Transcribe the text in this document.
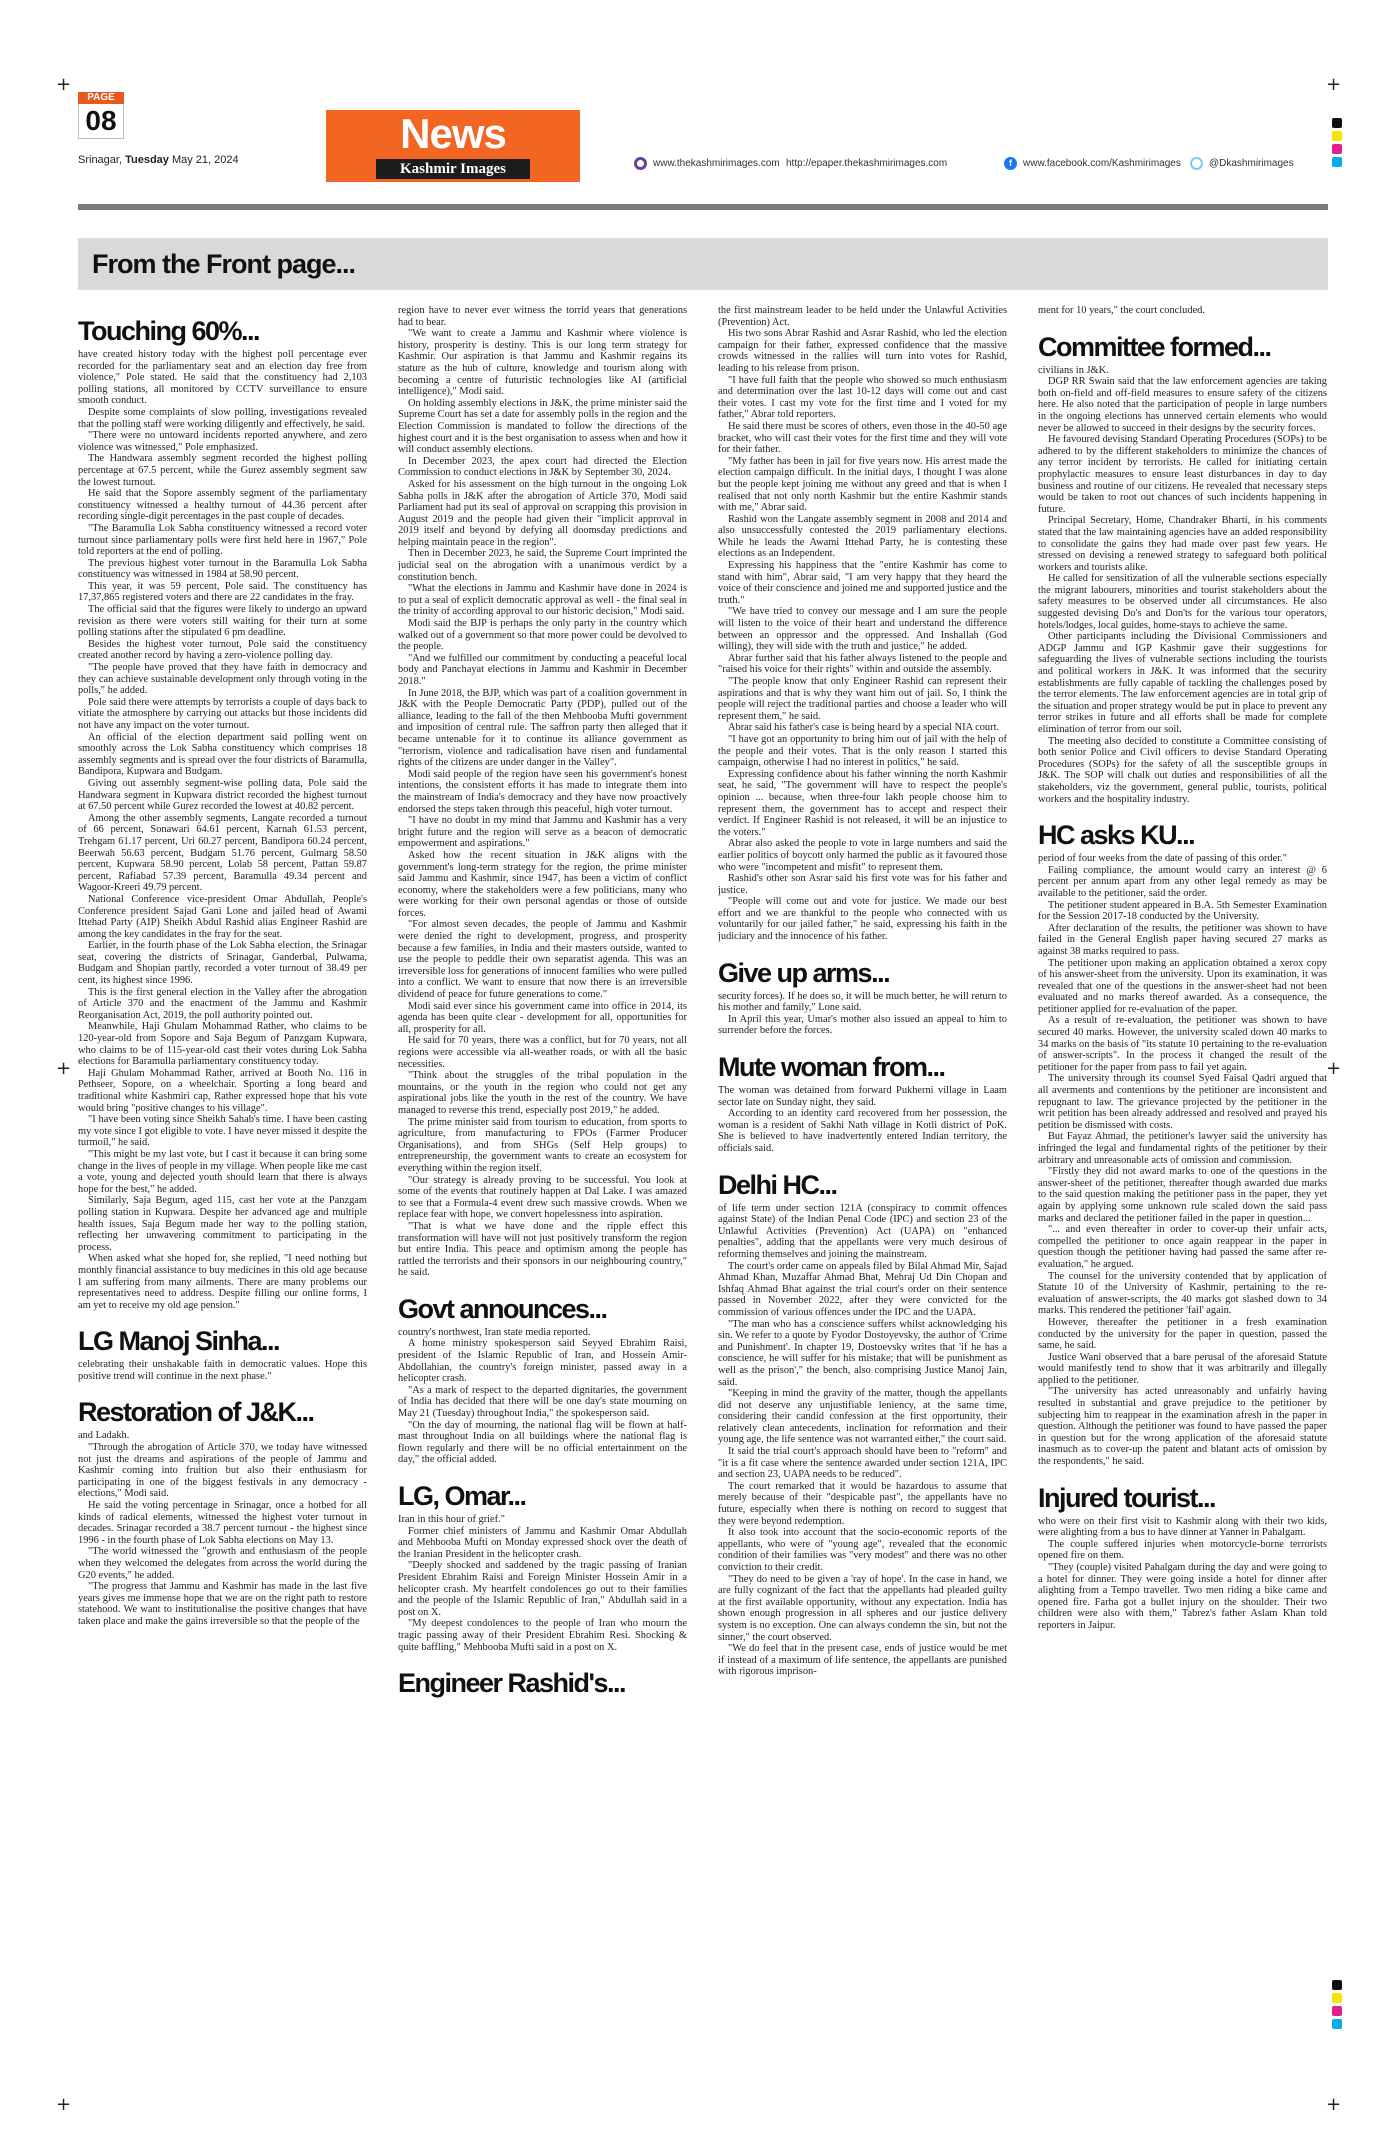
+	+
+	+
+	+
PAGE
08
Srinagar, Tuesday May 21, 2024
News
Kashmir Images	www.thekashmirimages.com http://epaper.thekashmirimages.com	f www.facebook.com/Kashmirimages	@Dkashmirimages
From the Front page...
Touching 60%...

have created history today with the highest poll percentage ever recorded for the parliamentary seat and an election day free from violence," Pole stated. He said that the constituency had 2,103 polling stations, all monitored by CCTV surveillance to ensure smooth conduct.

Despite some complaints of slow polling, investigations revealed that the polling staff were working diligently and effectively, he said.

"There were no untoward incidents reported anywhere, and zero violence was witnessed," Pole emphasized.

The Handwara assembly segment recorded the highest polling percentage at 67.5 percent, while the Gurez assembly segment saw the lowest turnout.

He said that the Sopore assembly segment of the parliamentary constituency witnessed a healthy turnout of 44.36 percent after recording single-digit percentages in the past couple of decades.

"The Baramulla Lok Sabha constituency witnessed a record voter turnout since parliamentary polls were first held here in 1967," Pole told reporters at the end of polling.

The previous highest voter turnout in the Baramulla Lok Sabha constituency was witnessed in 1984 at 58.90 percent.

This year, it was 59 percent, Pole said. The constituency has 17,37,865 registered voters and there are 22 candidates in the fray.

The official said that the figures were likely to undergo an upward revision as there were voters still waiting for their turn at some polling stations after the stipulated 6 pm deadline.

Besides the highest voter turnout, Pole said the constituency created another record by having a zero-violence polling day.

"The people have proved that they have faith in democracy and they can achieve sustainable development only through voting in the polls," he added.

Pole said there were attempts by terrorists a couple of days back to vitiate the atmosphere by carrying out attacks but those incidents did not have any impact on the voter turnout.

An official of the election department said polling went on smoothly across the Lok Sabha constituency which comprises 18 assembly segments and is spread over the four districts of Baramulla, Bandipora, Kupwara and Budgam.

Giving out assembly segment-wise polling data, Pole said the Handwara segment in Kupwara district recorded the highest turnout at 67.50 percent while Gurez recorded the lowest at 40.82 percent.

Among the other assembly segments, Langate recorded a turnout of 66 percent, Sonawari 64.61 percent, Karnah 61.53 percent, Trehgam 61.17 percent, Uri 60.27 percent, Bandipora 60.24 percent, Beerwah 56.63 percent, Budgam 51.76 percent, Gulmarg 58.50 percent, Kupwara 58.90 percent, Lolab 58 percent, Pattan 59.87 percent, Rafiabad 57.39 percent, Baramulla 49.34 percent and Wagoor-Kreeri 49.79 percent.

National Conference vice-president Omar Abdullah, People's Conference president Sajad Gani Lone and jailed head of Awami Ittehad Party (AIP) Sheikh Abdul Rashid alias Engineer Rashid are among the key candidates in the fray for the seat.

Earlier, in the fourth phase of the Lok Sabha election, the Srinagar seat, covering the districts of Srinagar, Ganderbal, Pulwama, Budgam and Shopian partly, recorded a voter turnout of 38.49 per cent, its highest since 1996.

This is the first general election in the Valley after the abrogation of Article 370 and the enactment of the Jammu and Kashmir Reorganisation Act, 2019, the poll authority pointed out.

Meanwhile, Haji Ghulam Mohammad Rather, who claims to be 120-year-old from Sopore and Saja Begum of Panzgam Kupwara, who claims to be of 115-year-old cast their votes during Lok Sabha elections for Baramulla parliamentary constituency today.

Haji Ghulam Mohammad Rather, arrived at Booth No. 116 in Pethseer, Sopore, on a wheelchair. Sporting a long beard and traditional white Kashmiri cap, Rather expressed hope that his vote would bring "positive changes to his village".

"I have been voting since Sheikh Sahab's time. I have been casting my vote since I got eligible to vote. I have never missed it despite the turmoil," he said.

"This might be my last vote, but I cast it because it can bring some change in the lives of people in my village. When people like me cast a vote, young and dejected youth should learn that there is always hope for the best," he added.

Similarly, Saja Begum, aged 115, cast her vote at the Panzgam polling station in Kupwara. Despite her advanced age and multiple health issues, Saja Begum made her way to the polling station, reflecting her unwavering commitment to participating in the process.

When asked what she hoped for, she replied, "I need nothing but monthly financial assistance to buy medicines in this old age because I am suffering from many ailments. There are many problems our representatives need to address. Despite filling our online forms, I am yet to receive my old age pension."

LG Manoj Sinha...

celebrating their unshakable faith in democratic values. Hope this positive trend will continue in the next phase."

Restoration of J&K...

and Ladakh.

"Through the abrogation of Article 370, we today have witnessed not just the dreams and aspirations of the people of Jammu and Kashmir coming into fruition but also their enthusiasm for participating in one of the biggest festivals in any democracy - elections," Modi said.

He said the voting percentage in Srinagar, once a hotbed for all kinds of radical elements, witnessed the highest voter turnout in decades. Srinagar recorded a 38.7 percent turnout - the highest since 1996 - in the fourth phase of Lok Sabha elections on May 13.

"The world witnessed the "growth and enthusiasm of the people when they welcomed the delegates from across the world during the G20 events," he added.

"The progress that Jammu and Kashmir has made in the last five years gives me immense hope that we are on the right path to restore statehood. We want to institutionalise the positive changes that have taken place and make the gains irreversible so that the people of the

region have to never ever witness the torrid years that generations had to bear.

"We want to create a Jammu and Kashmir where violence is history, prosperity is destiny. This is our long term strategy for Kashmir. Our aspiration is that Jammu and Kashmir regains its stature as the hub of culture, knowledge and tourism along with becoming a centre of futuristic technologies like AI (artificial intelligence)," Modi said.

On holding assembly elections in J&K, the prime minister said the Supreme Court has set a date for assembly polls in the region and the Election Commission is mandated to follow the directions of the highest court and it is the best organisation to assess when and how it will conduct assembly elections.

In December 2023, the apex court had directed the Election Commission to conduct elections in J&K by September 30, 2024.

Asked for his assessment on the high turnout in the ongoing Lok Sabha polls in J&K after the abrogation of Article 370, Modi said Parliament had put its seal of approval on scrapping this provision in August 2019 and the people had given their "implicit approval in 2019 itself and beyond by defying all doomsday predictions and helping maintain peace in the region".

Then in December 2023, he said, the Supreme Court imprinted the judicial seal on the abrogation with a unanimous verdict by a constitution bench.

"What the elections in Jammu and Kashmir have done in 2024 is to put a seal of explicit democratic approval as well - the final seal in the trinity of according approval to our historic decision," Modi said.

Modi said the BJP is perhaps the only party in the country which walked out of a government so that more power could be devolved to the people.

"And we fulfilled our commitment by conducting a peaceful local body and Panchayat elections in Jammu and Kashmir in December 2018."

In June 2018, the BJP, which was part of a coalition government in J&K with the People Democratic Party (PDP), pulled out of the alliance, leading to the fall of the then Mehbooba Mufti government and imposition of central rule. The saffron party then alleged that it became untenable for it to continue its alliance government as "terrorism, violence and radicalisation have risen and fundamental rights of the citizens are under danger in the Valley".

Modi said people of the region have seen his government's honest intentions, the consistent efforts it has made to integrate them into the mainstream of India's democracy and they have now proactively endorsed the steps taken through this peaceful, high voter turnout.

"I have no doubt in my mind that Jammu and Kashmir has a very bright future and the region will serve as a beacon of democratic empowerment and aspirations."

Asked how the recent situation in J&K aligns with the government's long-term strategy for the region, the prime minister said Jammu and Kashmir, since 1947, has been a victim of conflict economy, where the stakeholders were a few politicians, many who were working for their own personal agendas or those of outside forces.

"For almost seven decades, the people of Jammu and Kashmir were denied the right to development, progress, and prosperity because a few families, in India and their masters outside, wanted to use the people to peddle their own separatist agenda. This was an irreversible loss for generations of innocent families who were pulled into a conflict. We want to ensure that now there is an irreversible dividend of peace for future generations to come."

Modi said ever since his government came into office in 2014, its agenda has been quite clear - development for all, opportunities for all, prosperity for all.

He said for 70 years, there was a conflict, but for 70 years, not all regions were accessible via all-weather roads, or with all the basic necessities.

"Think about the struggles of the tribal population in the mountains, or the youth in the region who could not get any aspirational jobs like the youth in the rest of the country. We have managed to reverse this trend, especially post 2019," he added.

The prime minister said from tourism to education, from sports to agriculture, from manufacturing to FPOs (Farmer Producer Organisations), and from SHGs (Self Help groups) to entrepreneurship, the government wants to create an ecosystem for everything within the region itself.

"Our strategy is already proving to be successful. You look at some of the events that routinely happen at Dal Lake. I was amazed to see that a Formula-4 event drew such massive crowds. When we replace fear with hope, we convert hopelessness into aspiration.

"That is what we have done and the ripple effect this transformation will have will not just positively transform the region but entire India. This peace and optimism among the people has rattled the terrorists and their sponsors in our neighbouring country," he said.

Govt announces...

country's northwest, Iran state media reported.

A home ministry spokesperson said Seyyed Ebrahim Raisi, president of the Islamic Republic of Iran, and Hossein Amir-Abdollahian, the country's foreign minister, passed away in a helicopter crash.

"As a mark of respect to the departed dignitaries, the government of India has decided that there will be one day's state mourning on May 21 (Tuesday) throughout India," the spokesperson said.

"On the day of mourning, the national flag will be flown at half-mast throughout India on all buildings where the national flag is flown regularly and there will be no official entertainment on the day," the official added.

LG, Omar...

Iran in this hour of grief."

Former chief ministers of Jammu and Kashmir Omar Abdullah and Mehbooba Mufti on Monday expressed shock over the death of the Iranian President in the helicopter crash.

"Deeply shocked and saddened by the tragic passing of Iranian President Ebrahim Raisi and Foreign Minister Hossein Amir in a helicopter crash. My heartfelt condolences go out to their families and the people of the Islamic Republic of Iran," Abdullah said in a post on X.

"My deepest condolences to the people of Iran who mourn the tragic passing away of their President Ebrahim Resi. Shocking & quite baffling," Mehbooba Mufti said in a post on X.

Engineer Rashid's...

the first mainstream leader to be held under the Unlawful Activities (Prevention) Act.

His two sons Abrar Rashid and Asrar Rashid, who led the election campaign for their father, expressed confidence that the massive crowds witnessed in the rallies will turn into votes for Rashid, leading to his release from prison.

"I have full faith that the people who showed so much enthusiasm and determination over the last 10-12 days will come out and cast their votes. I cast my vote for the first time and I voted for my father," Abrar told reporters.

He said there must be scores of others, even those in the 40-50 age bracket, who will cast their votes for the first time and they will vote for their father.

"My father has been in jail for five years now. His arrest made the election campaign difficult. In the initial days, I thought I was alone but the people kept joining me without any greed and that is when I realised that not only north Kashmir but the entire Kashmir stands with me," Abrar said.

Rashid won the Langate assembly segment in 2008 and 2014 and also unsuccessfully contested the 2019 parliamentary elections. While he leads the Awami Ittehad Party, he is contesting these elections as an Independent.

Expressing his happiness that the "entire Kashmir has come to stand with him", Abrar said, "I am very happy that they heard the voice of their conscience and joined me and supported justice and the truth."

"We have tried to convey our message and I am sure the people will listen to the voice of their heart and understand the difference between an oppressor and the oppressed. And Inshallah (God willing), they will side with the truth and justice," he added.

Abrar further said that his father always listened to the people and "raised his voice for their rights" within and outside the assembly.

"The people know that only Engineer Rashid can represent their aspirations and that is why they want him out of jail. So, I think the people will reject the traditional parties and choose a leader who will represent them," he said.

Abrar said his father's case is being heard by a special NIA court.

"I have got an opportunity to bring him out of jail with the help of the people and their votes. That is the only reason I started this campaign, otherwise I had no interest in politics," he said.

Expressing confidence about his father winning the north Kashmir seat, he said, "The government will have to respect the people's opinion ... because, when three-four lakh people choose him to represent them, the government has to accept and respect their verdict. If Engineer Rashid is not released, it will be an injustice to the voters."

Abrar also asked the people to vote in large numbers and said the earlier politics of boycott only harmed the public as it favoured those who were "incompetent and misfit" to represent them.

Rashid's other son Asrar said his first vote was for his father and justice.

"People will come out and vote for justice. We made our best effort and we are thankful to the people who connected with us voluntarily for our jailed father," he said, expressing his faith in the judiciary and the innocence of his father.

Give up arms...

security forces). If he does so, it will be much better, he will return to his mother and family," Lone said.

In April this year, Umar's mother also issued an appeal to him to surrender before the forces.

Mute woman from...

The woman was detained from forward Pukherni village in Laam sector late on Sunday night, they said.

According to an identity card recovered from her possession, the woman is a resident of Sakhi Nath village in Kotli district of PoK. She is believed to have inadvertently entered Indian territory, the officials said.

Delhi HC...

of life term under section 121A (conspiracy to commit offences against State) of the Indian Penal Code (IPC) and section 23 of the Unlawful Activities (Prevention) Act (UAPA) on "enhanced penalties", adding that the appellants were very much desirous of reforming themselves and joining the mainstream.

The court's order came on appeals filed by Bilal Ahmad Mir, Sajad Ahmad Khan, Muzaffar Ahmad Bhat, Mehraj Ud Din Chopan and Ishfaq Ahmad Bhat against the trial court's order on their sentence passed in November 2022, after they were convicted for the commission of various offences under the IPC and the UAPA.

"The man who has a conscience suffers whilst acknowledging his sin. We refer to a quote by Fyodor Dostoyevsky, the author of 'Crime and Punishment'. In chapter 19, Dostoevsky writes that 'if he has a conscience, he will suffer for his mistake; that will be punishment as well as the prison'," the bench, also comprising Justice Manoj Jain, said.

"Keeping in mind the gravity of the matter, though the appellants did not deserve any unjustifiable leniency, at the same time, considering their candid confession at the first opportunity, their relatively clean antecedents, inclination for reformation and their young age, the life sentence was not warranted either," the court said.

It said the trial court's approach should have been to "reform" and "it is a fit case where the sentence awarded under section 121A, IPC and section 23, UAPA needs to be reduced".

The court remarked that it would be hazardous to assume that merely because of their "despicable past", the appellants have no future, especially when there is nothing on record to suggest that they were beyond redemption.

It also took into account that the socio-economic reports of the appellants, who were of "young age", revealed that the economic condition of their families was "very modest" and there was no other conviction to their credit.

"They do need to be given a 'ray of hope'. In the case in hand, we are fully cognizant of the fact that the appellants had pleaded guilty at the first available opportunity, without any expectation. India has shown enough progression in all spheres and our justice delivery system is no exception. One can always condemn the sin, but not the sinner," the court observed.

"We do feel that in the present case, ends of justice would be met if instead of a maximum of life sentence, the appellants are punished with rigorous imprison-

ment for 10 years," the court concluded.

Committee formed...

civilians in J&K.

DGP RR Swain said that the law enforcement agencies are taking both on-field and off-field measures to ensure safety of the citizens here. He also noted that the participation of people in large numbers in the ongoing elections has unnerved certain elements who would never be allowed to succeed in their designs by the security forces.

He favoured devising Standard Operating Procedures (SOPs) to be adhered to by the different stakeholders to minimize the chances of any terror incident by terrorists. He called for initiating certain prophylactic measures to ensure least disturbances in day to day business and routine of our citizens. He revealed that necessary steps would be taken to root out chances of such incidents happening in future.

Principal Secretary, Home, Chandraker Bharti, in his comments stated that the law maintaining agencies have an added responsibility to consolidate the gains they had made over past few years. He stressed on devising a renewed strategy to safeguard both political workers and tourists alike.

He called for sensitization of all the vulnerable sections especially the migrant labourers, minorities and tourist stakeholders about the safety measures to be observed under all circumstances. He also suggested devising Do's and Don'ts for the various tour operators, hotels/lodges, local guides, home-stays to achieve the same.

Other participants including the Divisional Commissioners and ADGP Jammu and IGP Kashmir gave their suggestions for safeguarding the lives of vulnerable sections including the tourists and political workers in J&K. It was informed that the security establishments are fully capable of tackling the challenges posed by the terror elements. The law enforcement agencies are in total grip of the situation and proper strategy would be put in place to prevent any terror strikes in future and all efforts shall be made for complete elimination of terror from our soil.

The meeting also decided to constitute a Committee consisting of both senior Police and Civil officers to devise Standard Operating Procedures (SOPs) for the safety of all the susceptible groups in J&K. The SOP will chalk out duties and responsibilities of all the stakeholders, viz the government, general public, tourists, political workers and the hospitality industry.

HC asks KU...

period of four weeks from the date of passing of this order."

Failing compliance, the amount would carry an interest @ 6 percent per annum apart from any other legal remedy as may be available to the petitioner, said the order.

The petitioner student appeared in B.A. 5th Semester Examination for the Session 2017-18 conducted by the University.

After declaration of the results, the petitioner was shown to have failed in the General English paper having secured 27 marks as against 38 marks required to pass.

The petitioner upon making an application obtained a xerox copy of his answer-sheet from the university. Upon its examination, it was revealed that one of the questions in the answer-sheet had not been evaluated and no marks thereof awarded. As a consequence, the petitioner applied for re-evaluation of the paper.

As a result of re-evaluation, the petitioner was shown to have secured 40 marks. However, the university scaled down 40 marks to 34 marks on the basis of "its statute 10 pertaining to the re-evaluation of answer-scripts". In the process it changed the result of the petitioner for the paper from pass to fail yet again.

The university through its counsel Syed Faisal Qadri argued that all averments and contentions by the petitioner are inconsistent and repugnant to law. The grievance projected by the petitioner in the writ petition has been already addressed and resolved and prayed his petition be dismissed with costs.

But Fayaz Ahmad, the petitioner's lawyer said the university has infringed the legal and fundamental rights of the petitioner by their arbitrary and unreasonable acts of omission and commission.

"Firstly they did not award marks to one of the questions in the answer-sheet of the petitioner, thereafter though awarded due marks to the said question making the petitioner pass in the paper, they yet again by applying some unknown rule scaled down the said pass marks and declared the petitioner failed in the paper in question...

"... and even thereafter in order to cover-up their unfair acts, compelled the petitioner to once again reappear in the paper in question though the petitioner having had passed the same after re-evaluation," he argued.

The counsel for the university contended that by application of Statute 10 of the University of Kashmir, pertaining to the re-evaluation of answer-scripts, the 40 marks got slashed down to 34 marks. This rendered the petitioner 'fail' again.

However, thereafter the petitioner in a fresh examination conducted by the university for the paper in question, passed the same, he said.

Justice Wani observed that a bare perusal of the aforesaid Statute would manifestly tend to show that it was arbitrarily and illegally applied to the petitioner.

"The university has acted unreasonably and unfairly having resulted in substantial and grave prejudice to the petitioner by subjecting him to reappear in the examination afresh in the paper in question. Although the petitioner was found to have passed the paper in question but for the wrong application of the aforesaid statute inasmuch as to cover-up the patent and blatant acts of omission by the respondents," he said.

Injured tourist...

who were on their first visit to Kashmir along with their two kids, were alighting from a bus to have dinner at Yanner in Pahalgam.

The couple suffered injuries when motorcycle-borne terrorists opened fire on them.

"They (couple) visited Pahalgam during the day and were going to a hotel for dinner. They were going inside a hotel for dinner after alighting from a Tempo traveller. Two men riding a bike came and opened fire. Farha got a bullet injury on the shoulder. Their two children were also with them," Tabrez's father Aslam Khan told reporters in Jaipur.
